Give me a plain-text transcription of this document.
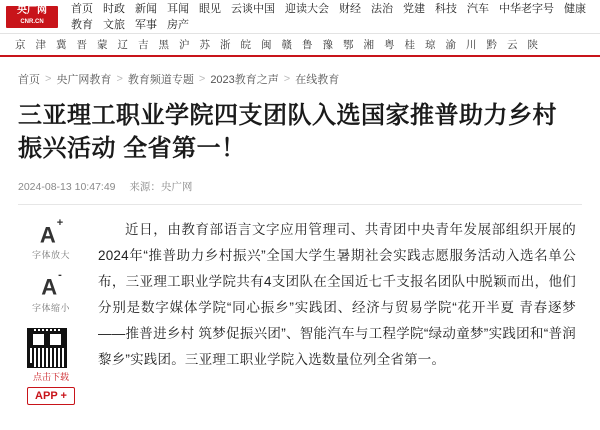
央广网
CNR.CN
首页 时政 新闻 耳闻 眼见 云谈中国 迎读大会 财经 法治 党建 科技 汽车 中华老字号 健康
教育 文旅 军事 房产
京 津 冀 晋 蒙 辽 吉 黑 沪 苏 浙 皖 闽 赣 鲁 豫 鄂 湘 粤 桂 琼 渝 川 黔 云 陕
首页 > 央广网教育 > 教育频道专题 > 2023教育之声 > 在线教育
三亚理工职业学院四支团队入选国家推普助力乡村振兴活动 全省第一！
2024-08-13 10:47:49 来源：央广网
A+
字体放大
A-
字体缩小
点击下载
APP +

近日，由教育部语言文字应用管理司、共青团中央青年发展部组织开展的2024年“推普助力乡村振兴”全国大学生暑期社会实践志愿服务活动入选名单公布，三亚理工职业学院共有4支团队在全国近七千支报名团队中脱颖而出，他们分别是数字媒体学院“同心振乡”实践团、经济与贸易学院“花开半夏 青春逐梦——推普进乡村 筑梦促振兴团”、智能汽车与工程学院“绿动童梦”实践团和“普润黎乡”实践团。三亚理工职业学院入选数量位列全省第一。
